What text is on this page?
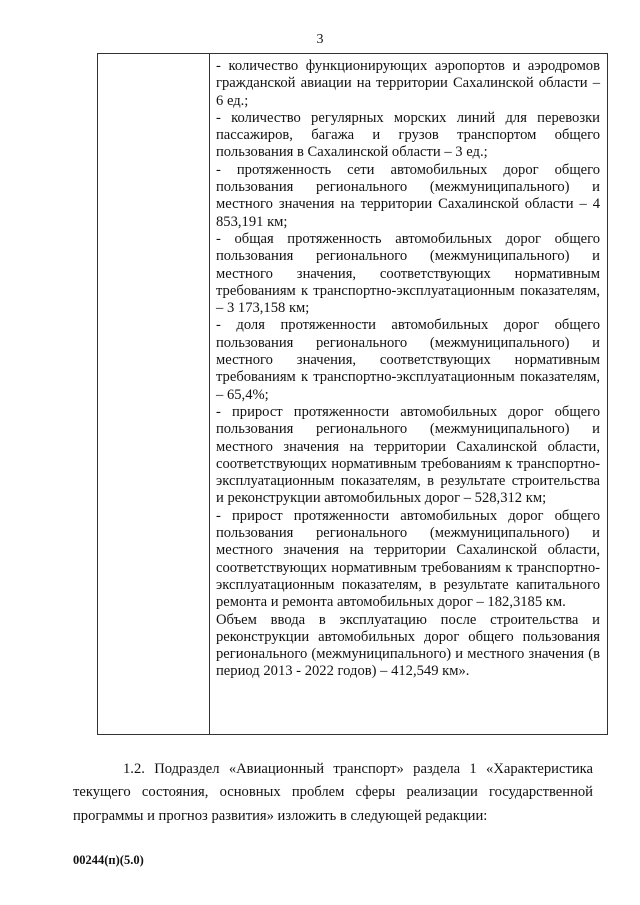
3

- количество функционирующих аэропортов и аэродромов гражданской авиации на территории Сахалинской области – 6 ед.;

- количество регулярных морских линий для перевозки пассажиров, багажа и грузов транспортом общего пользования в Сахалинской области – 3 ед.;

- протяженность сети автомобильных дорог общего пользования регионального (межмуниципального) и местного значения на территории Сахалинской области – 4 853,191 км;

- общая протяженность автомобильных дорог общего пользования регионального (межмуниципального) и местного значения, соответствующих нормативным требованиям к транспортно-эксплуатационным показателям, – 3 173,158 км;

- доля протяженности автомобильных дорог общего пользования регионального (межмуниципального) и местного значения, соответствующих нормативным требованиям к транспортно-эксплуатационным показателям, – 65,4%;

- прирост протяженности автомобильных дорог общего пользования регионального (межмуниципального) и местного значения на территории Сахалинской области, соответствующих нормативным требованиям к транспортно-эксплуатационным показателям, в результате строительства и реконструкции автомобильных дорог – 528,312 км;

- прирост протяженности автомобильных дорог общего пользования регионального (межмуниципального) и местного значения на территории Сахалинской области, соответствующих нормативным требованиям к транспортно-эксплуатационным показателям, в результате капитального ремонта и ремонта автомобильных дорог – 182,3185 км.

Объем ввода в эксплуатацию после строительства и реконструкции автомобильных дорог общего пользования регионального (межмуниципального) и местного значения (в период 2013 - 2022 годов) – 412,549 км».

1.2. Подраздел «Авиационный транспорт» раздела 1 «Характеристика текущего состояния, основных проблем сферы реализации государственной программы и прогноз развития» изложить в следующей редакции:

00244(п)(5.0)
